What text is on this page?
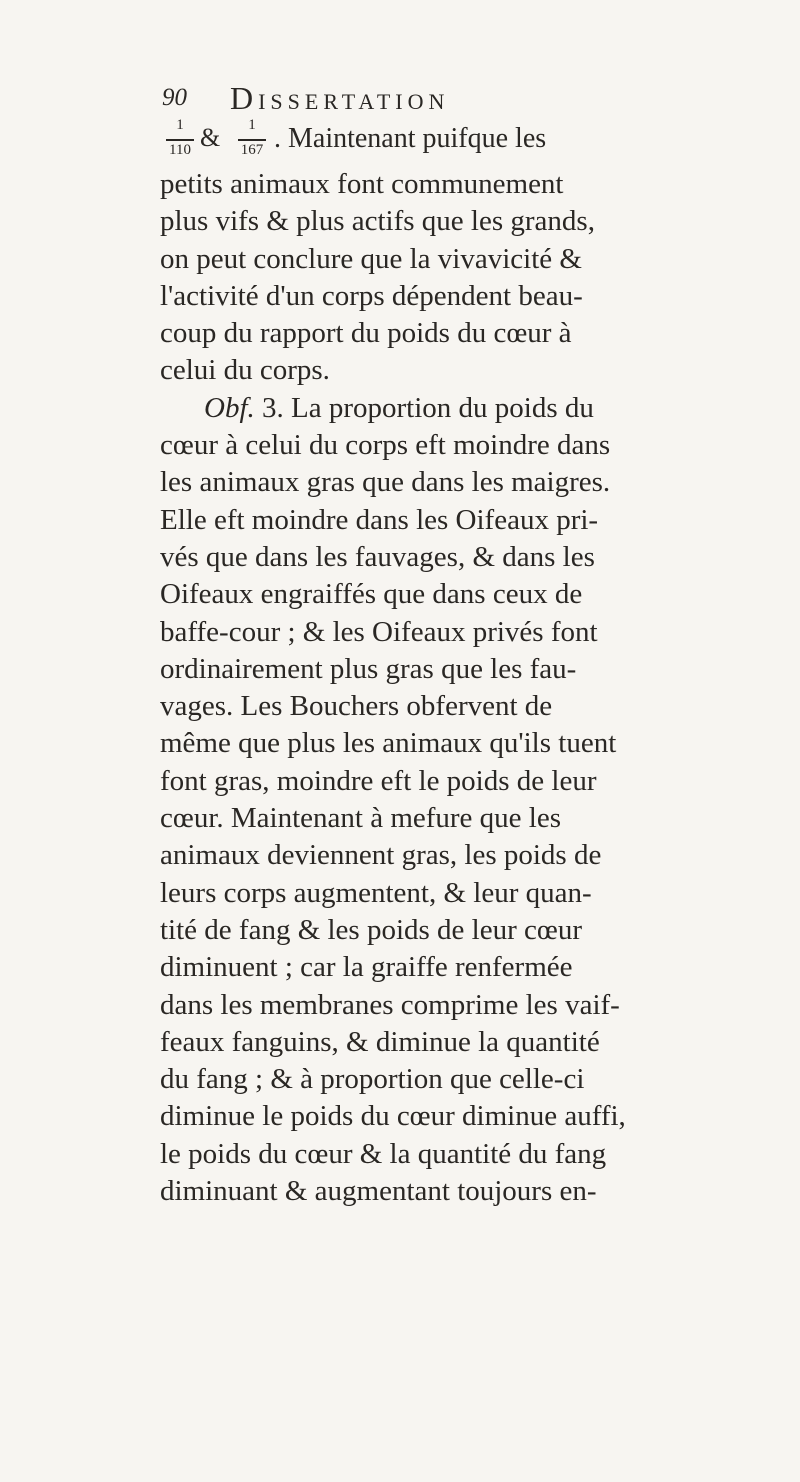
90 Dissertation
1
110 &	1
167 . Maintenant puifque les
petits animaux font communement
plus vifs & plus actifs que les grands,
on peut conclure que la vivavicité &
l'activité d'un corps dépendent beau-
coup du rapport du poids du cœur à
celui du corps.
Obf. 3. La proportion du poids du
cœur à celui du corps eft moindre dans
les animaux gras que dans les maigres.
Elle eft moindre dans les Oifeaux pri-
vés que dans les fauvages, & dans les
Oifeaux engraiffés que dans ceux de
baffe-cour ; & les Oifeaux privés font
ordinairement plus gras que les fau-
vages. Les Bouchers obfervent de
même que plus les animaux qu'ils tuent
font gras, moindre eft le poids de leur
cœur. Maintenant à mefure que les
animaux deviennent gras, les poids de
leurs corps augmentent, & leur quan-
tité de fang & les poids de leur cœur
diminuent ; car la graiffe renfermée
dans les membranes comprime les vaif-
feaux fanguins, & diminue la quantité
du fang ; & à proportion que celle-ci
diminue le poids du cœur diminue auffi,
le poids du cœur & la quantité du fang
diminuant & augmentant toujours en-
